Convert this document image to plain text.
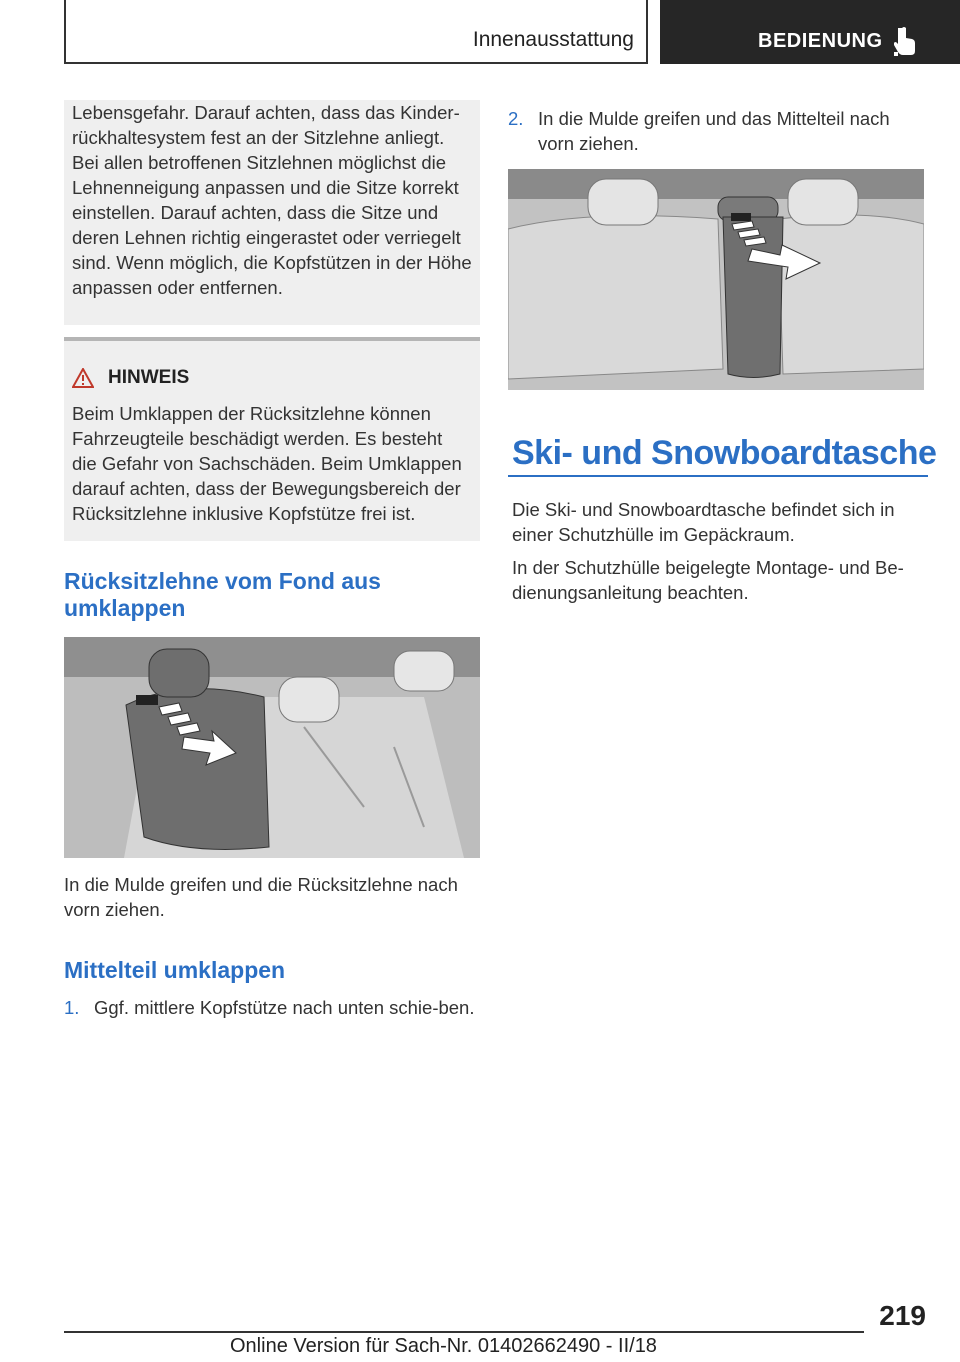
Innenausstattung	BEDIENUNG

Lebensgefahr. Darauf achten, dass das Kinder-rückhaltesystem fest an der Sitzlehne anliegt. Bei allen betroffenen Sitzlehnen möglichst die Lehnenneigung anpassen und die Sitze korrekt einstellen. Darauf achten, dass die Sitze und deren Lehnen richtig eingerastet oder verriegelt sind. Wenn möglich, die Kopfstützen in der Höhe anpassen oder entfernen.

HINWEIS

Beim Umklappen der Rücksitzlehne können Fahrzeugteile beschädigt werden. Es besteht die Gefahr von Sachschäden. Beim Umklappen darauf achten, dass der Bewegungsbereich der Rücksitzlehne inklusive Kopfstütze frei ist.

Rücksitzlehne vom Fond aus umklappen

In die Mulde greifen und die Rücksitzlehne nach vorn ziehen.

Mittelteil umklappen
1. Ggf. mittlere Kopfstütze nach unten schie-ben.
2. In die Mulde greifen und das Mittelteil nach vorn ziehen.
Ski- und Snowboardtasche

Die Ski- und Snowboardtasche befindet sich in einer Schutzhülle im Gepäckraum.

In der Schutzhülle beigelegte Montage- und Be-dienungsanleitung beachten.

219
Online Version für Sach-Nr. 01402662490 - II/18
